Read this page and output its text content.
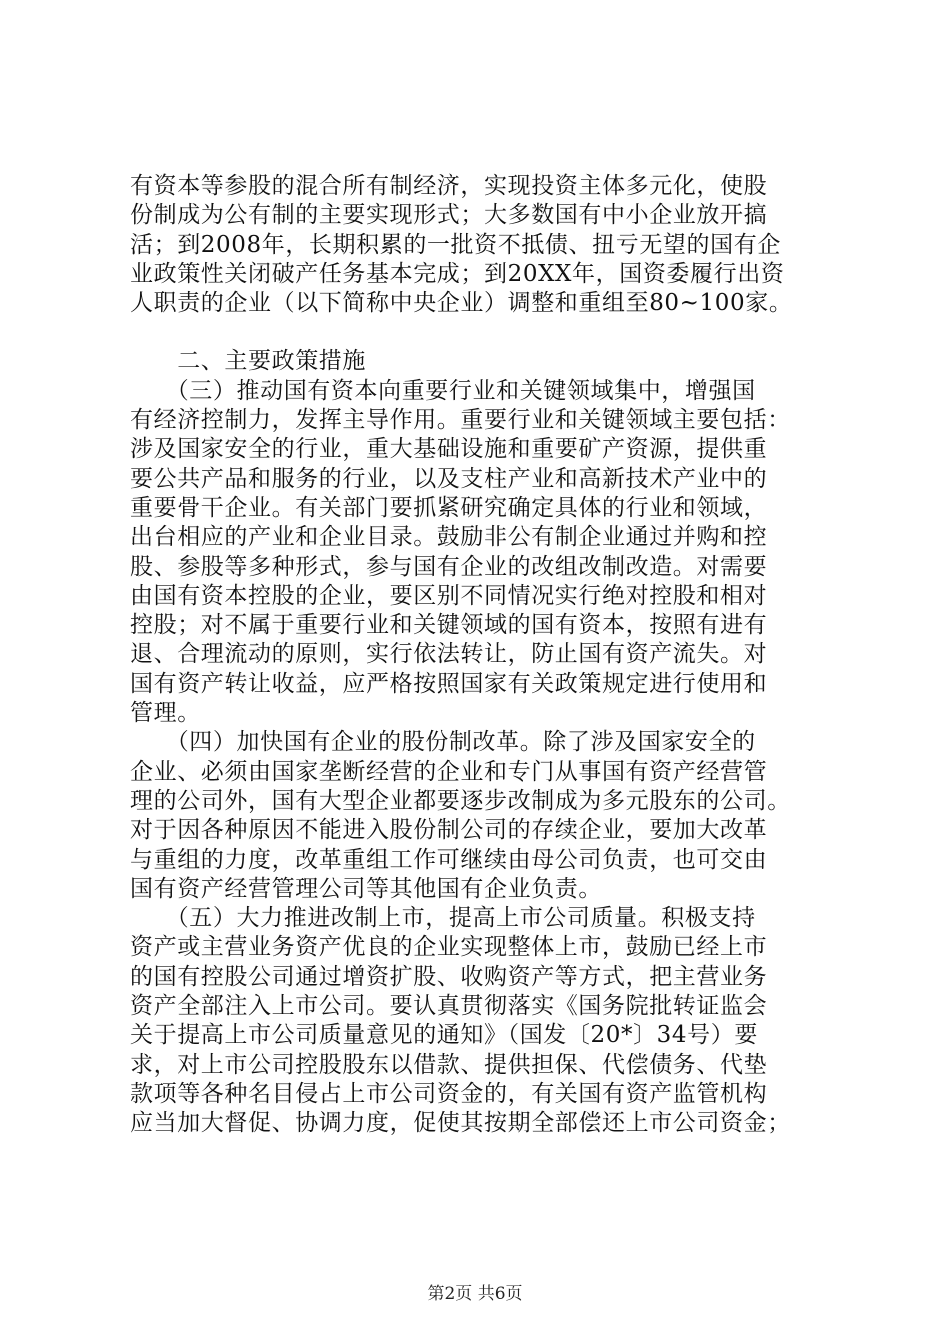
有资本等参股的混合所有制经济，实现投资主体多元化，使股
份制成为公有制的主要实现形式；大多数国有中小企业放开搞
活；到2008年，长期积累的一批资不抵债、扭亏无望的国有企
业政策性关闭破产任务基本完成；到20XX年，国资委履行出资
人职责的企业（以下简称中央企业）调整和重组至80~100家。
　　二、主要政策措施
　　（三）推动国有资本向重要行业和关键领域集中，增强国
有经济控制力，发挥主导作用。重要行业和关键领域主要包括：
涉及国家安全的行业，重大基础设施和重要矿产资源，提供重
要公共产品和服务的行业，以及支柱产业和高新技术产业中的
重要骨干企业。有关部门要抓紧研究确定具体的行业和领域，
出台相应的产业和企业目录。鼓励非公有制企业通过并购和控
股、参股等多种形式，参与国有企业的改组改制改造。对需要
由国有资本控股的企业，要区别不同情况实行绝对控股和相对
控股；对不属于重要行业和关键领域的国有资本，按照有进有
退、合理流动的原则，实行依法转让，防止国有资产流失。对
国有资产转让收益，应严格按照国家有关政策规定进行使用和
管理。
　　（四）加快国有企业的股份制改革。除了涉及国家安全的
企业、必须由国家垄断经营的企业和专门从事国有资产经营管
理的公司外，国有大型企业都要逐步改制成为多元股东的公司。
对于因各种原因不能进入股份制公司的存续企业，要加大改革
与重组的力度，改革重组工作可继续由母公司负责，也可交由
国有资产经营管理公司等其他国有企业负责。
　　（五）大力推进改制上市，提高上市公司质量。积极支持
资产或主营业务资产优良的企业实现整体上市，鼓励已经上市
的国有控股公司通过增资扩股、收购资产等方式，把主营业务
资产全部注入上市公司。要认真贯彻落实《国务院批转证监会
关于提高上市公司质量意见的通知》（国发〔20*〕34号）要
求，对上市公司控股股东以借款、提供担保、代偿债务、代垫
款项等各种名目侵占上市公司资金的，有关国有资产监管机构
应当加大督促、协调力度，促使其按期全部偿还上市公司资金；
第2页 共6页
